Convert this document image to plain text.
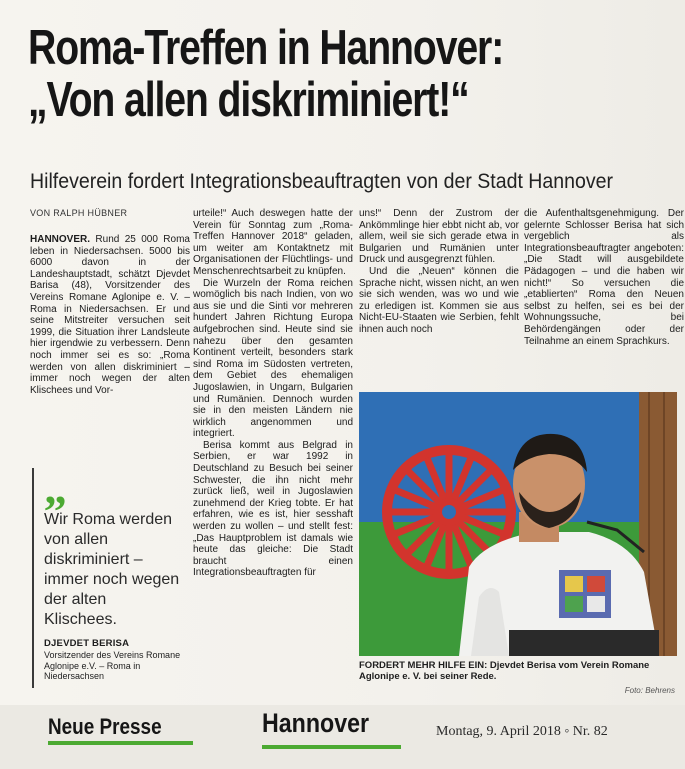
Roma-Treffen in Hannover:
„Von allen diskriminiert!“
Hilfeverein fordert Integrationsbeauftragten von der Stadt Hannover
VON RALPH HÜBNER

HANNOVER. Rund 25 000 Roma leben in Niedersachsen. 5000 bis 6000 davon in der Landeshauptstadt, schätzt Djevdet Barisa (48), Vorsitzender des Vereins Romane Aglonipe e. V. – Roma in Niedersachsen. Er und seine Mitstreiter versuchen seit 1999, die Situation ihrer Landsleute hier irgendwie zu verbessern. Denn noch immer sei es so: „Roma werden von allen diskriminiert – immer noch wegen der alten Klischees und Vor-

„
Wir Roma werden von allen diskriminiert – immer noch wegen der alten Klischees.
DJEVDET BERISA
Vorsitzender des Vereins Romane Aglonipe e.V. – Roma in Niedersachsen

urteile!“ Auch deswegen hatte der Verein für Sonntag zum „Roma-Treffen Hannover 2018“ geladen, um weiter am Kontaktnetz mit Organisationen der Flüchtlings- und Menschenrechtsarbeit zu knüpfen.

Die Wurzeln der Roma reichen womöglich bis nach Indien, von wo aus sie und die Sinti vor mehreren hundert Jahren Richtung Europa aufgebrochen sind. Heute sind sie nahezu über den gesamten Kontinent verteilt, besonders stark sind Roma im Südosten vertreten, dem Gebiet des ehemaligen Jugoslawien, in Ungarn, Bulgarien und Rumänien. Dennoch wurden sie in den meisten Ländern nie wirklich angenommen und integriert.

Berisa kommt aus Belgrad in Serbien, er war 1992 in Deutschland zu Besuch bei seiner Schwester, die ihn nicht mehr zurück ließ, weil in Jugoslawien zunehmend der Krieg tobte. Er hat erfahren, wie es ist, hier sesshaft werden zu wollen – und stellt fest: „Das Hauptproblem ist damals wie heute das gleiche: Die Stadt braucht einen Integrationsbeauftragten für

uns!“ Denn der Zustrom der Ankömmlinge hier ebbt nicht ab, vor allem, weil sie sich gerade etwa in Bulgarien und Rumänien unter Druck und ausgegrenzt fühlen.

Und die „Neuen“ können die Sprache nicht, wissen nicht, an wen sie sich wenden, was wo und wie zu erledigen ist. Kommen sie aus Nicht-EU-Staaten wie Serbien, fehlt ihnen auch noch

die Aufenthaltsgenehmigung. Der gelernte Schlosser Berisa hat sich vergeblich als Integrationsbeauftragter angeboten: „Die Stadt will ausgebildete Pädagogen – und die haben wir nicht!“ So versuchen die „etablierten“ Roma den Neuen selbst zu helfen, sei es bei der Wohnungssuche, bei Behördengängen oder der Teilnahme an einem Sprachkurs.

FORDERT MEHR HILFE EIN: Djevdet Berisa vom Verein Romane Aglonipe e. V. bei seiner Rede.
Foto: Behrens
Neue Presse	Hannover	Montag, 9. April 2018 ◦ Nr. 82
